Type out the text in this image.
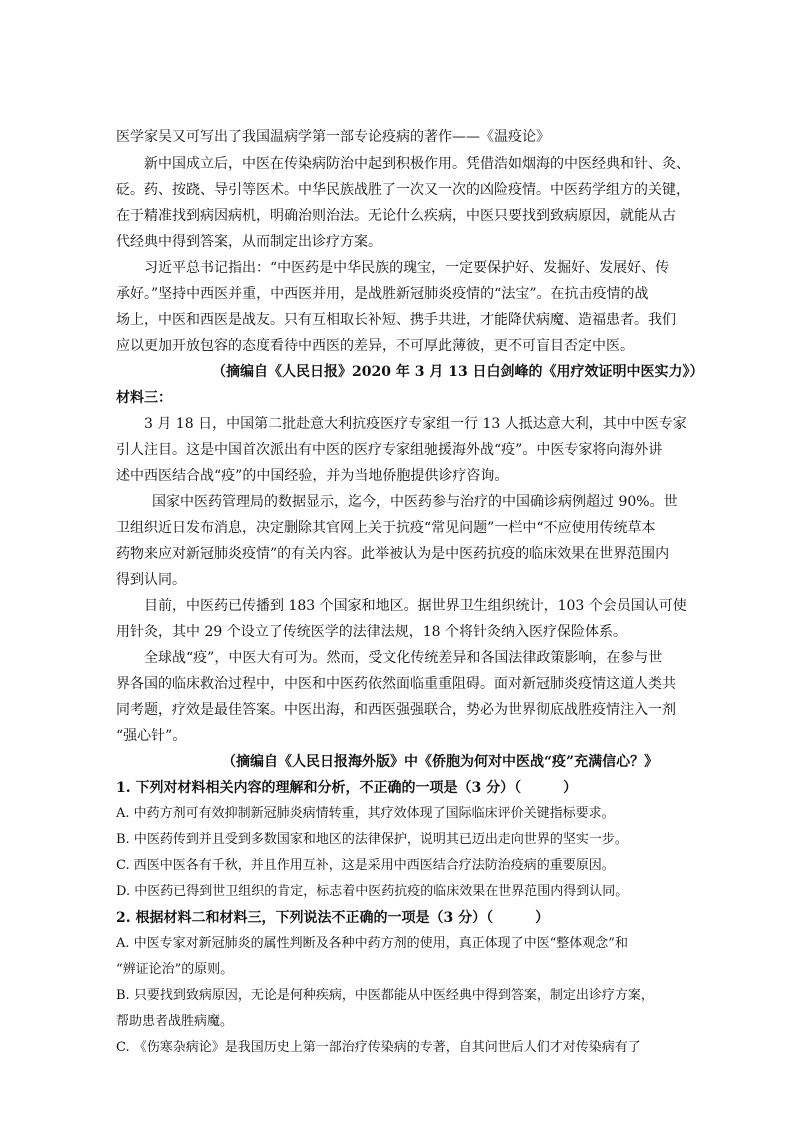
医学家吴又可写出了我国温病学第一部专论疫病的著作——《温疫论》
新中国成立后，中医在传染病防治中起到积极作用。凭借浩如烟海的中医经典和针、灸、
砭。药、按跷、导引等医术。中华民族战胜了一次又一次的凶险疫情。中医药学组方的关键，
在于精准找到病因病机，明确治则治法。无论什么疾病，中医只要找到致病原因，就能从古
代经典中得到答案，从而制定出诊疗方案。
习近平总书记指出：“中医药是中华民族的瑰宝，一定要保护好、发掘好、发展好、传
承好。”坚持中西医并重，中西医并用，是战胜新冠肺炎疫情的“法宝”。在抗击疫情的战
场上，中医和西医是战友。只有互相取长补短、携手共进，才能降伏病魔、造福患者。我们
应以更加开放包容的态度看待中西医的差异，不可厚此薄彼，更不可盲目否定中医。
（摘编自《人民日报》2020 年 3 月 13 日白剑峰的《用疗效证明中医实力》）
材料三：
3 月 18 日，中国第二批赴意大利抗疫医疗专家组一行 13 人抵达意大利，其中中医专家
引人注目。这是中国首次派出有中医的医疗专家组驰援海外战“疫”。中医专家将向海外讲
述中西医结合战“疫”的中国经验，并为当地侨胞提供诊疗咨询。
国家中医药管理局的数据显示，迄今，中医药参与治疗的中国确诊病例超过 90%。世
卫组织近日发布消息，决定删除其官网上关于抗疫“常见问题”一栏中“不应使用传统草本
药物来应对新冠肺炎疫情”的有关内容。此举被认为是中医药抗疫的临床效果在世界范围内
得到认同。
目前，中医药已传播到 183 个国家和地区。据世界卫生组织统计，103 个会员国认可使
用针灸，其中 29 个设立了传统医学的法律法规，18 个将针灸纳入医疗保险体系。
全球战“疫”，中医大有可为。然而，受文化传统差异和各国法律政策影响，在参与世
界各国的临床救治过程中，中医和中医药依然面临重重阻碍。面对新冠肺炎疫情这道人类共
同考题，疗效是最佳答案。中医出海，和西医强强联合，势必为世界彻底战胜疫情注入一剂
“强心针”。
（摘编自《人民日报海外版》中《侨胞为何对中医战“疫”充满信心？》
1. 下列对材料相关内容的理解和分析，不正确的一项是（3 分）（　　　）
A. 中药方剂可有效抑制新冠肺炎病情转重，其疗效体现了国际临床评价关键指标要求。
B. 中医药传到并且受到多数国家和地区的法律保护，说明其已迈出走向世界的坚实一步。
C. 西医中医各有千秋，并且作用互补，这是采用中西医结合疗法防治疫病的重要原因。
D. 中医药已得到世卫组织的肯定，标志着中医药抗疫的临床效果在世界范围内得到认同。
2. 根据材料二和材料三，下列说法不正确的一项是（3 分）（　　　）
A. 中医专家对新冠肺炎的属性判断及各种中药方剂的使用，真正体现了中医“整体观念”和
“辨证论治”的原则。
B. 只要找到致病原因，无论是何种疾病，中医都能从中医经典中得到答案，制定出诊疗方案，
帮助患者战胜病魔。
C. 《伤寒杂病论》是我国历史上第一部治疗传染病的专著，自其问世后人们才对传染病有了
